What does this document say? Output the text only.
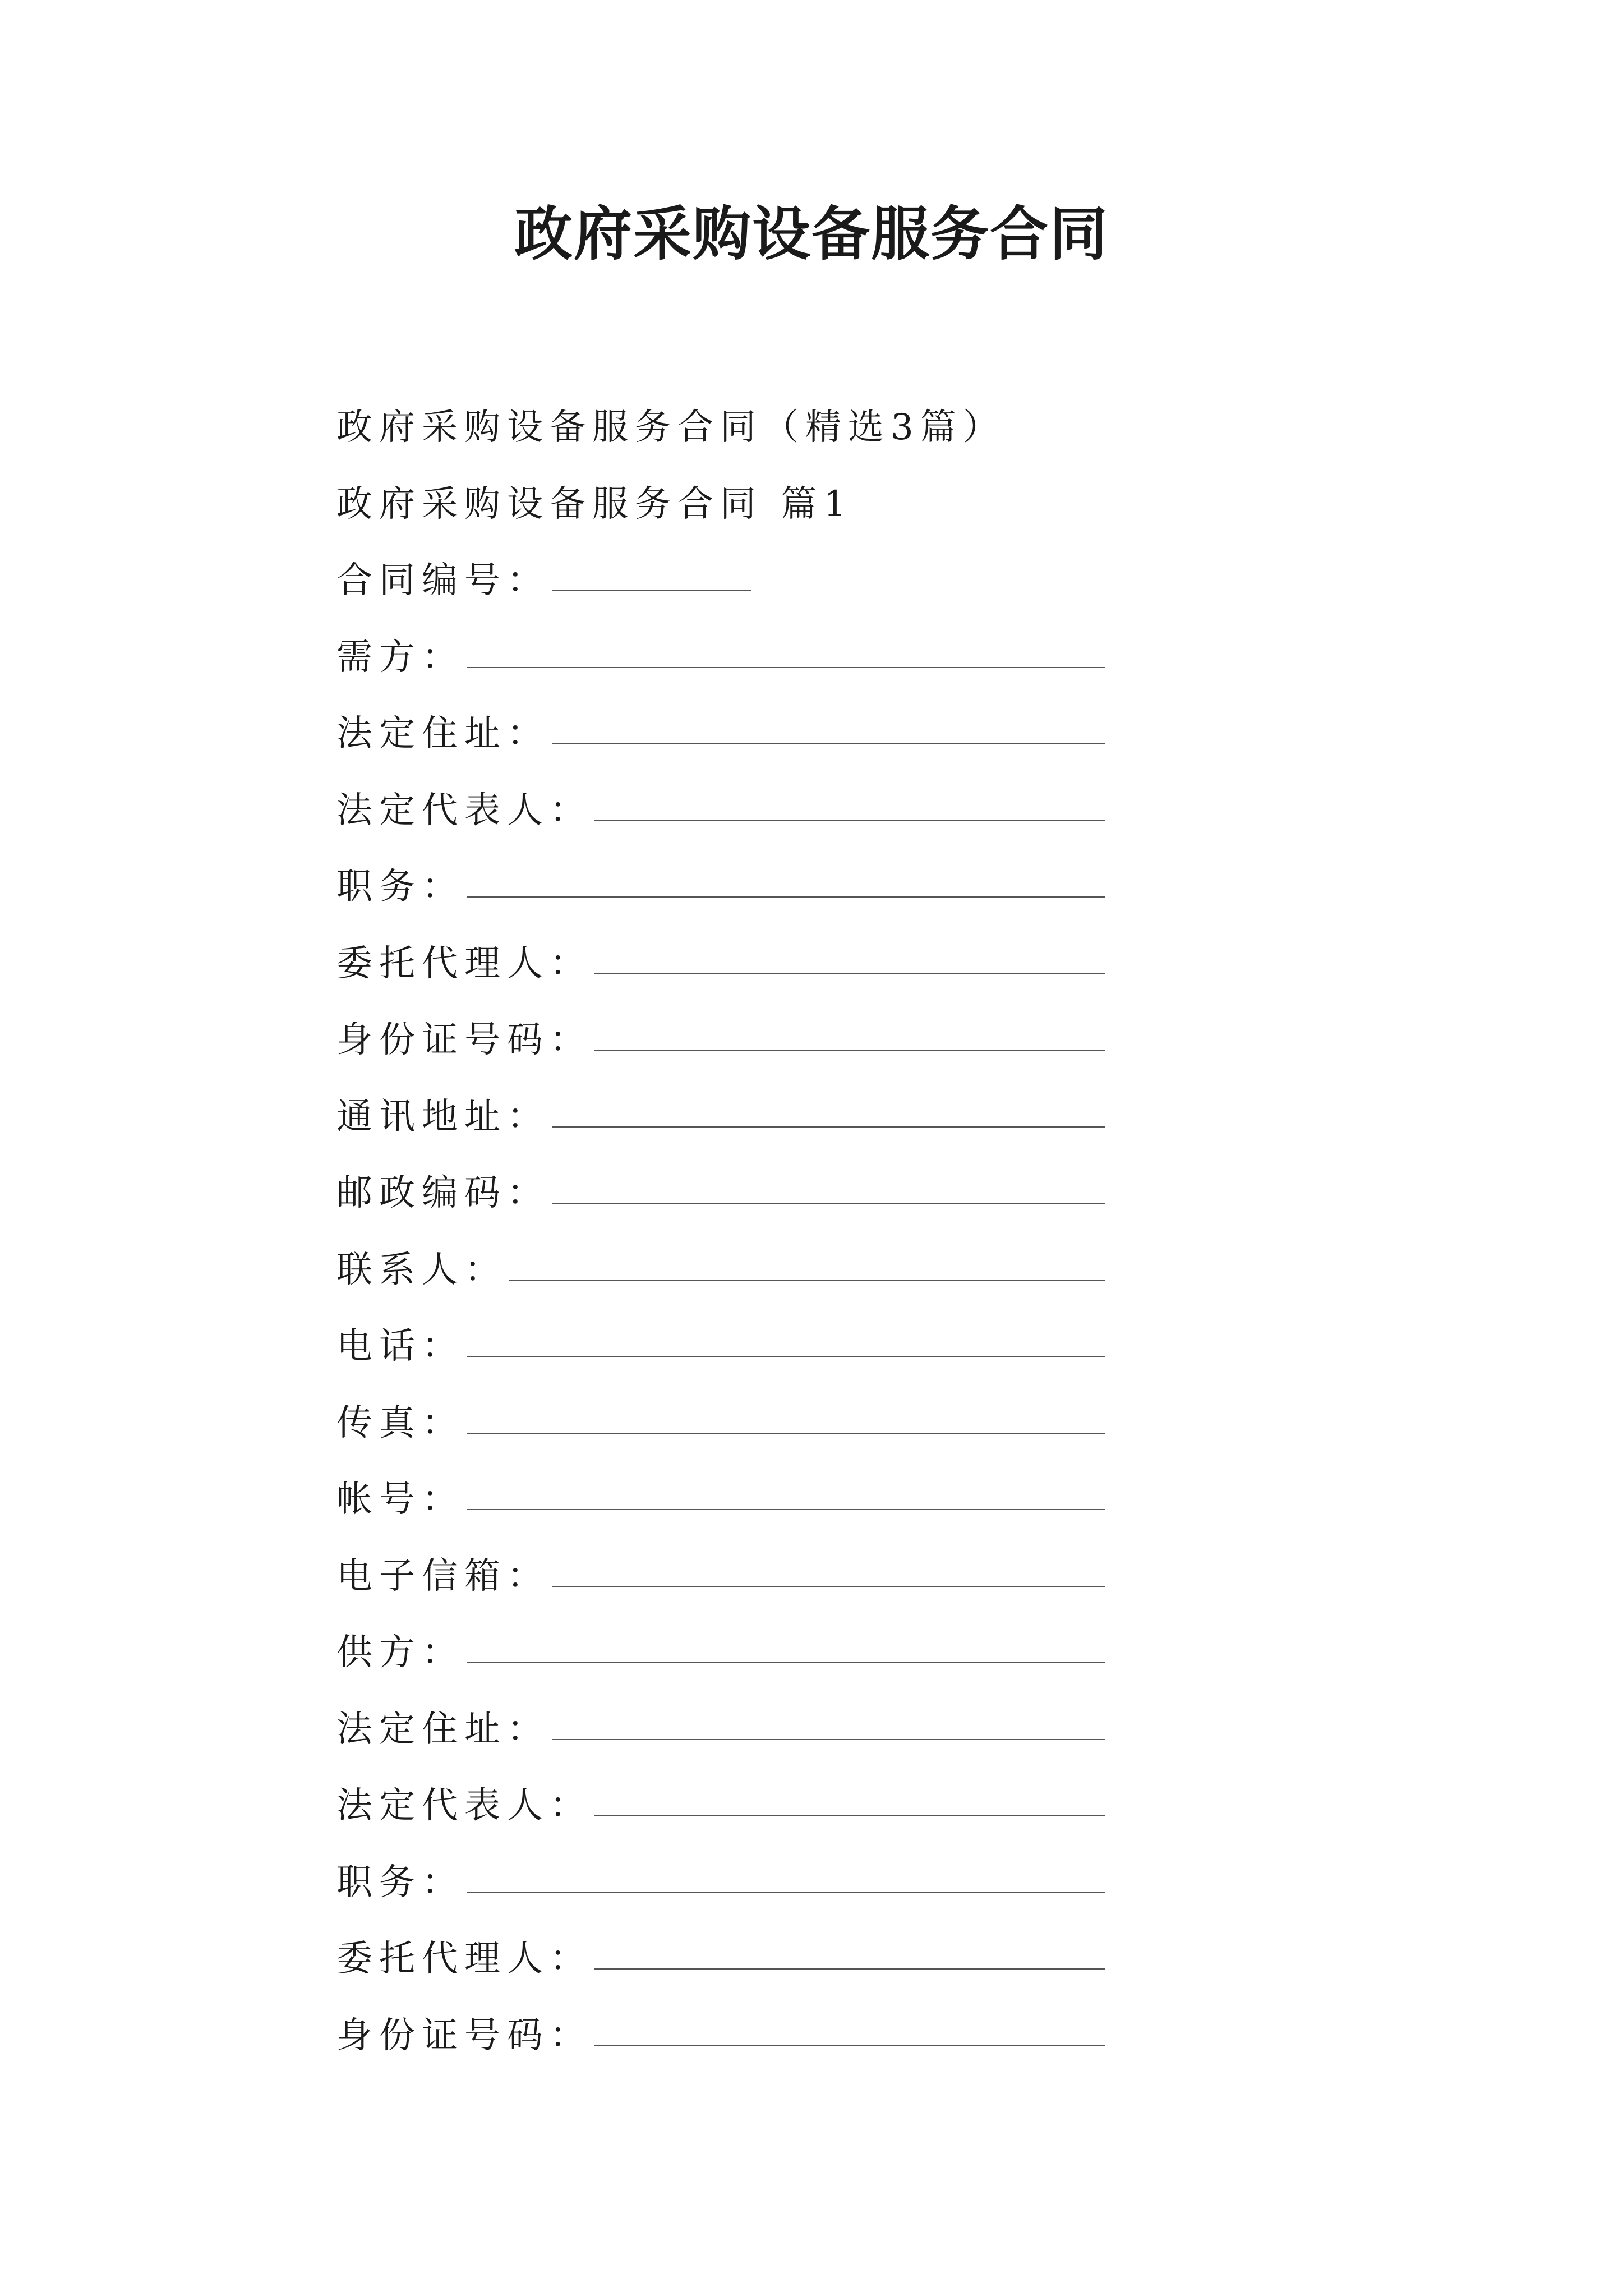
政府采购设备服务合同
政府采购设备服务合同（精选3篇）
政府采购设备服务合同 篇1
合同编号：
需方：
法定住址：
法定代表人：
职务：
委托代理人：
身份证号码：
通讯地址：
邮政编码：
联系人：
电话：
传真：
帐号：
电子信箱：
供方：
法定住址：
法定代表人：
职务：
委托代理人：
身份证号码：
